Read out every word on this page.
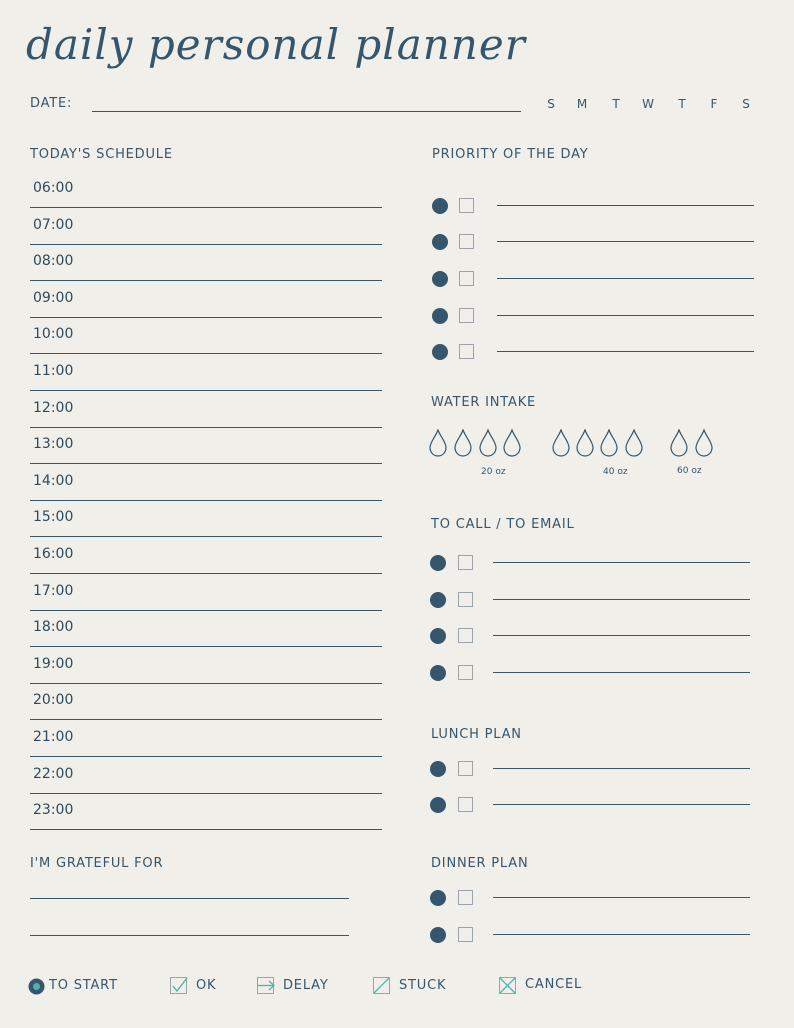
daily personal planner
DATE:	S M T W T F S
TODAY'S SCHEDULE
06:00
07:00
08:00
09:00
10:00
11:00
12:00
13:00
14:00
15:00
16:00
17:00
18:00
19:00
20:00
21:00
22:00
23:00
PRIORITY OF THE DAY
WATER INTAKE
20 oz	40 oz	60 oz
TO CALL / TO EMAIL
LUNCH PLAN
DINNER PLAN
I'M GRATEFUL FOR
TO START	OK	DELAY	STUCK	CANCEL
